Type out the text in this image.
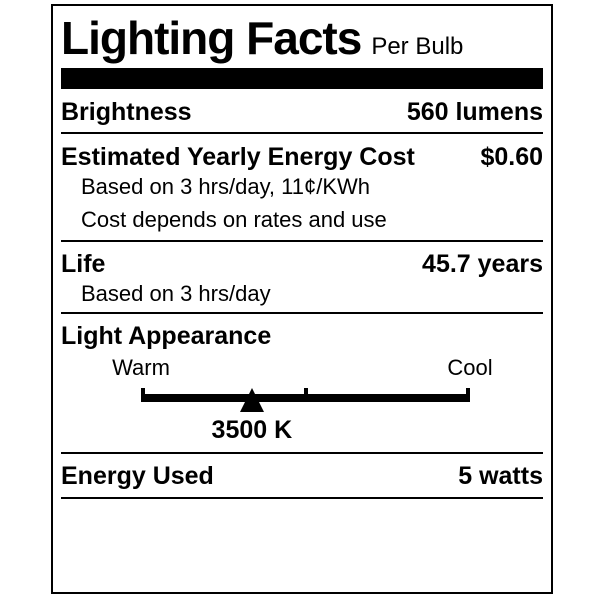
Lighting Facts Per Bulb
Brightness	560 lumens
Estimated Yearly Energy Cost	$0.60
Based on 3 hrs/day, 11¢/KWh
Cost depends on rates and use
Life	45.7 years
Based on 3 hrs/day
Light Appearance
Warm	Cool
3500 K
Energy Used	5 watts
